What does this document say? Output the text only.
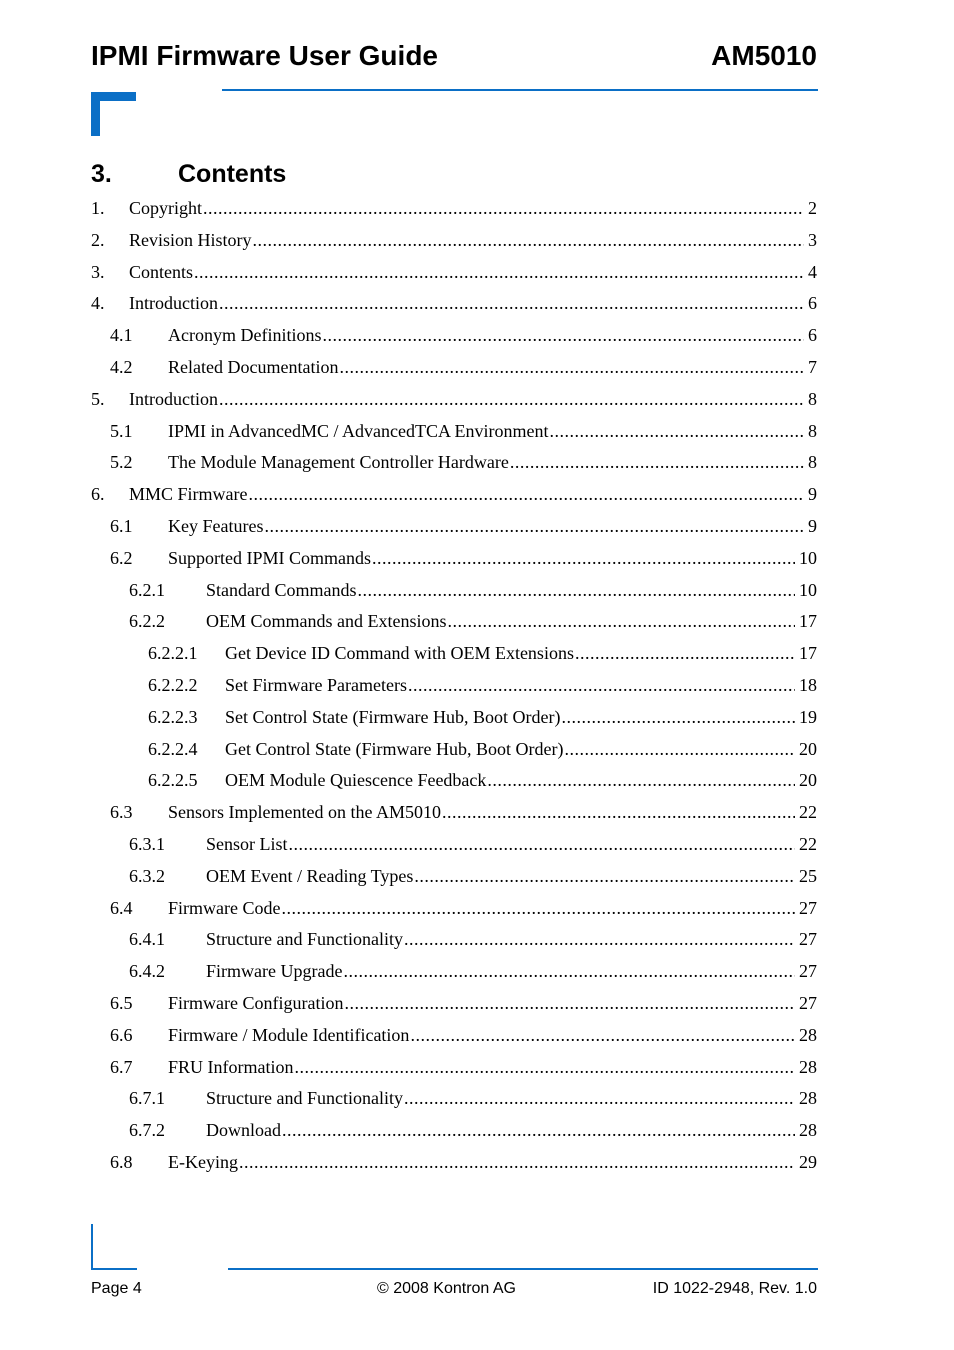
IPMI Firmware User Guide	AM5010
3.	Contents
1.	Copyright .....	2
2.	Revision History .....	3
3.	Contents .....	4
4.	Introduction .....	6
4.1	Acronym Definitions .....	6
4.2	Related Documentation .....	7
5.	Introduction .....	8
5.1	IPMI in AdvancedMC / AdvancedTCA Environment .....	8
5.2	The Module Management Controller Hardware .....	8
6.	MMC Firmware .....	9
6.1	Key Features .....	9
6.2	Supported IPMI Commands .....	10
6.2.1	Standard Commands .....	10
6.2.2	OEM Commands and Extensions .....	17
6.2.2.1	Get Device ID Command with OEM Extensions .....	17
6.2.2.2	Set Firmware Parameters .....	18
6.2.2.3	Set Control State (Firmware Hub, Boot Order) .....	19
6.2.2.4	Get Control State (Firmware Hub, Boot Order) .....	20
6.2.2.5	OEM Module Quiescence Feedback .....	20
6.3	Sensors Implemented on the AM5010 .....	22
6.3.1	Sensor List .....	22
6.3.2	OEM Event / Reading Types .....	25
6.4	Firmware Code .....	27
6.4.1	Structure and Functionality .....	27
6.4.2	Firmware Upgrade .....	27
6.5	Firmware Configuration .....	27
6.6	Firmware / Module Identification .....	28
6.7	FRU Information .....	28
6.7.1	Structure and Functionality .....	28
6.7.2	Download .....	28
6.8	E-Keying .....	29
Page 4	© 2008 Kontron AG	ID 1022-2948, Rev. 1.0
